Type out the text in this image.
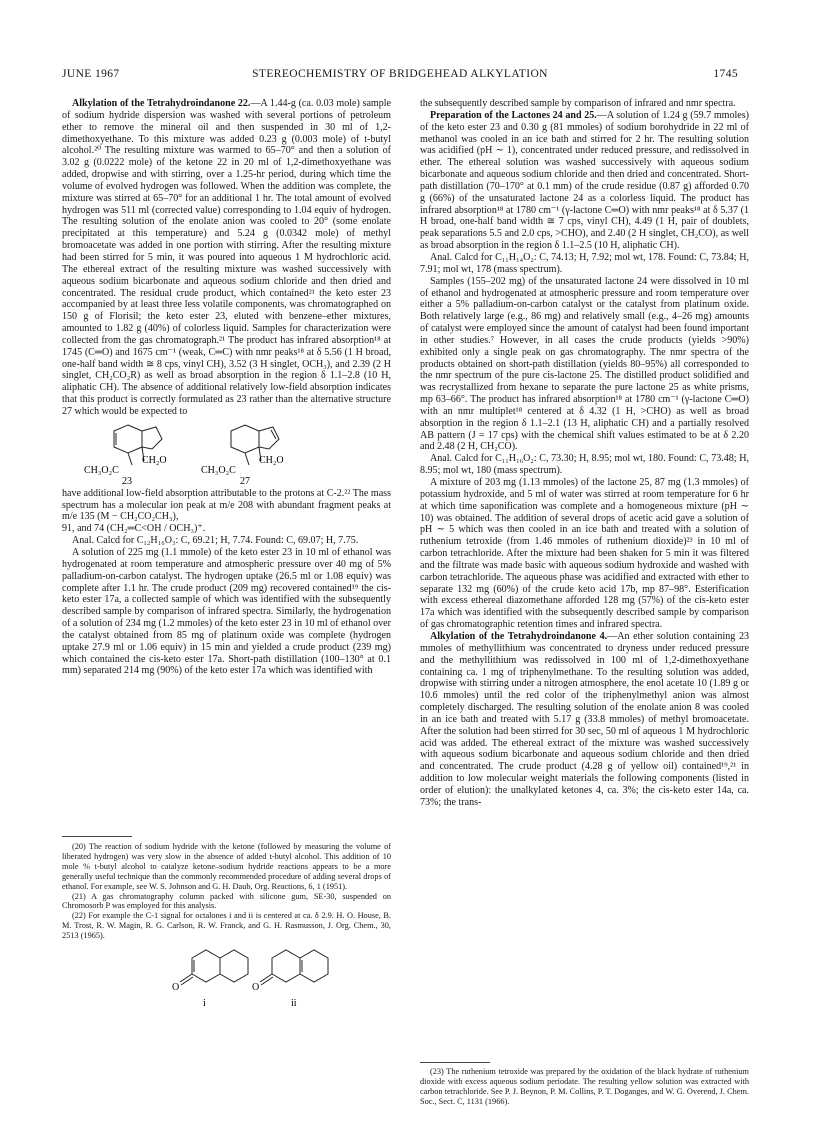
JUNE 1967	STEREOCHEMISTRY OF BRIDGEHEAD ALKYLATION	1745

Alkylation of the Tetrahydroindanone 22.—A 1.44-g (ca. 0.03 mole) sample of sodium hydride dispersion was washed with several portions of petroleum ether to remove the mineral oil and then suspended in 30 ml of 1,2-dimethoxyethane. To this mixture was added 0.23 g (0.003 mole) of t-butyl alcohol.²⁰ The resulting mixture was warmed to 65–70° and then a solution of 3.02 g (0.0222 mole) of the ketone 22 in 20 ml of 1,2-dimethoxyethane was added, dropwise and with stirring, over a 1.25-hr period, during which time the volume of evolved hydrogen was followed. When the addition was complete, the mixture was stirred at 65–70° for an additional 1 hr. The total amount of evolved hydrogen was 511 ml (corrected value) corresponding to 1.04 equiv of hydrogen. The resulting solution of the enolate anion was cooled to 20° (some enolate precipitated at this temperature) and 5.24 g (0.0342 mole) of methyl bromoacetate was added in one portion with stirring. After the resulting mixture had been stirred for 5 min, it was poured into aqueous 1 M hydrochloric acid. The ethereal extract of the resulting mixture was washed successively with aqueous sodium bicarbonate and aqueous sodium chloride and then dried and concentrated. The residual crude product, which contained²¹ the keto ester 23 accompanied by at least three less volatile components, was chromatographed on 150 g of Florisil; the keto ester 23, eluted with benzene–ether mixtures, amounted to 1.82 g (40%) of colorless liquid. Samples for characterization were collected from the gas chromatograph.²¹ The product has infrared absorption¹⁸ at 1745 (C═O) and 1675 cm⁻¹ (weak, C═C) with nmr peaks¹⁸ at δ 5.56 (1 H broad, one-half band width ≅ 8 cps, vinyl CH), 3.52 (3 H singlet, OCH₃), and 2.39 (2 H singlet, CH₂CO₂R) as well as broad absorption in the region δ 1.1–2.8 (10 H, aliphatic CH). The absence of additional relatively low-field absorption indicates that this product is correctly formulated as 23 rather than the alternative structure 27 which would be expected to

CH₂O
CH₃O₂C
23
CH₂O
CH₃O₂C
27

have additional low-field absorption attributable to the protons at C-2.²² The mass spectrum has a molecular ion peak at m/e 208 with abundant fragment peaks at m/e 135 (M − CH₂CO₂CH₃),

91, and 74 (CH₂═C<OH / OCH₃)⁺.

Anal. Calcd for C₁₂H₁₆O₃: C, 69.21; H, 7.74. Found: C, 69.07; H, 7.75.

A solution of 225 mg (1.1 mmole) of the keto ester 23 in 10 ml of ethanol was hydrogenated at room temperature and atmospheric pressure over 40 mg of 5% palladium-on-carbon catalyst. The hydrogen uptake (26.5 ml or 1.08 equiv) was complete after 1.1 hr. The crude product (209 mg) recovered contained¹⁹ the cis-keto ester 17a, a collected sample of which was identified with the subsequently described sample by comparison of infrared spectra. Similarly, the hydrogenation of a solution of 234 mg (1.2 mmoles) of the keto ester 23 in 10 ml of ethanol over the catalyst obtained from 85 mg of platinum oxide was complete (hydrogen uptake 27.9 ml or 1.06 equiv) in 15 min and yielded a crude product (239 mg) which contained the cis-keto ester 17a. Short-path distillation (100–130° at 0.1 mm) separated 214 mg (90%) of the keto ester 17a which was identified with

(20) The reaction of sodium hydride with the ketone (followed by measuring the volume of liberated hydrogen) was very slow in the absence of added t-butyl alcohol. This addition of 10 mole % t-butyl alcohol to catalyze ketone–sodium hydride reactions appears to be a more generally useful technique than the commonly recommended procedure of adding several drops of ethanol. For example, see W. S. Johnson and G. H. Daub, Org. Reactions, 6, 1 (1951).

(21) A gas chromatography column packed with silicone gum, SE-30, suspended on Chromosorb P was employed for this analysis.

(22) For example the C-1 signal for octalones i and ii is centered at ca. δ 2.9. H. O. House, B. M. Trost, R. W. Magin, R. G. Carlson, R. W. Franck, and G. H. Rasmusson, J. Org. Chem., 30, 2513 (1965).

O	O
i	ii

the subsequently described sample by comparison of infrared and nmr spectra.

Preparation of the Lactones 24 and 25.—A solution of 1.24 g (59.7 mmoles) of the keto ester 23 and 0.30 g (81 mmoles) of sodium borohydride in 22 ml of methanol was cooled in an ice bath and stirred for 2 hr. The resulting solution was acidified (pH ∼ 1), concentrated under reduced pressure, and redissolved in ether. The ethereal solution was washed successively with aqueous sodium bicarbonate and aqueous sodium chloride and then dried and concentrated. Short-path distillation (70–170° at 0.1 mm) of the crude residue (0.87 g) afforded 0.70 g (66%) of the unsaturated lactone 24 as a colorless liquid. The product has infrared absorption¹⁸ at 1780 cm⁻¹ (γ-lactone C═O) with nmr peaks¹⁸ at δ 5.37 (1 H broad, one-half band width ≅ 7 cps, vinyl CH), 4.49 (1 H, pair of doublets, peak separations 5.5 and 2.0 cps, >CHO), and 2.40 (2 H singlet, CH₂CO), as well as broad absorption in the region δ 1.1–2.5 (10 H, aliphatic CH).

Anal. Calcd for C₁₁H₁₄O₂: C, 74.13; H, 7.92; mol wt, 178. Found: C, 73.84; H, 7.91; mol wt, 178 (mass spectrum).

Samples (155–202 mg) of the unsaturated lactone 24 were dissolved in 10 ml of ethanol and hydrogenated at atmospheric pressure and room temperature over either a 5% palladium-on-carbon catalyst or the catalyst from platinum oxide. Both relatively large (e.g., 86 mg) and relatively small (e.g., 4–26 mg) amounts of catalyst were employed since the amount of catalyst had been found important in other studies.⁷ However, in all cases the crude products (yields >90%) exhibited only a single peak on gas chromatography. The nmr spectra of the products obtained on short-path distillation (yields 80–95%) all corresponded to the nmr spectrum of the pure cis-lactone 25. The distilled product solidified and was recrystallized from hexane to separate the pure lactone 25 as white prisms, mp 63–66°. The product has infrared absorption¹⁸ at 1780 cm⁻¹ (γ-lactone C═O) with an nmr multiplet¹⁸ centered at δ 4.32 (1 H, >CHO) as well as broad absorption in the region δ 1.1–2.1 (13 H, aliphatic CH) and a partially resolved AB pattern (J = 17 cps) with the chemical shift values estimated to be at δ 2.20 and 2.48 (2 H, CH₂CO).

Anal. Calcd for C₁₁H₁₆O₂: C, 73.30; H, 8.95; mol wt, 180. Found: C, 73.48; H, 8.95; mol wt, 180 (mass spectrum).

A mixture of 203 mg (1.13 mmoles) of the lactone 25, 87 mg (1.3 mmoles) of potassium hydroxide, and 5 ml of water was stirred at room temperature for 6 hr at which time saponification was complete and a homogeneous mixture (pH ∼ 10) was obtained. The addition of several drops of acetic acid gave a solution of pH ∼ 5 which was then cooled in an ice bath and treated with a solution of ruthenium tetroxide (from 1.46 mmoles of ruthenium dioxide)²³ in 10 ml of carbon tetrachloride. After the mixture had been shaken for 5 min it was filtered and the filtrate was made basic with aqueous sodium hydroxide and washed with carbon tetrachloride. The aqueous phase was acidified and extracted with ether to separate 132 mg (60%) of the crude keto acid 17b, mp 87–98°. Esterification with excess ethereal diazomethane afforded 128 mg (57%) of the cis-keto ester 17a which was identified with the subsequently described sample by comparison of gas chromatographic retention times and infrared spectra.

Alkylation of the Tetrahydroindanone 4.—An ether solution containing 23 mmoles of methyllithium was concentrated to dryness under reduced pressure and the methyllithium was redissolved in 100 ml of 1,2-dimethoxyethane containing ca. 1 mg of triphenylmethane. To the resulting solution was added, dropwise with stirring under a nitrogen atmosphere, the enol acetate 10 (1.89 g or 10.6 mmoles) until the red color of the triphenylmethyl anion was almost completely discharged. The resulting solution of the enolate anion 8 was cooled in an ice bath and treated with 5.17 g (33.8 mmoles) of methyl bromoacetate. After the solution had been stirred for 30 sec, 50 ml of aqueous 1 M hydrochloric acid was added. The ethereal extract of the mixture was washed successively with aqueous sodium bicarbonate and aqueous sodium chloride and then dried and concentrated. The crude product (4.28 g of yellow oil) contained¹⁹,²¹ in addition to low molecular weight materials the following components (listed in order of elution): the unalkylated ketones 4, ca. 3%; the cis-keto ester 14a, ca. 73%; the trans-

(23) The ruthenium tetroxide was prepared by the oxidation of the black hydrate of ruthenium dioxide with excess aqueous sodium periodate. The resulting yellow solution was extracted with carbon tetrachloride. See P. J. Beynon, P. M. Collins, P. T. Doganges, and W. G. Overend, J. Chem. Soc., Sect. C, 1131 (1966).
